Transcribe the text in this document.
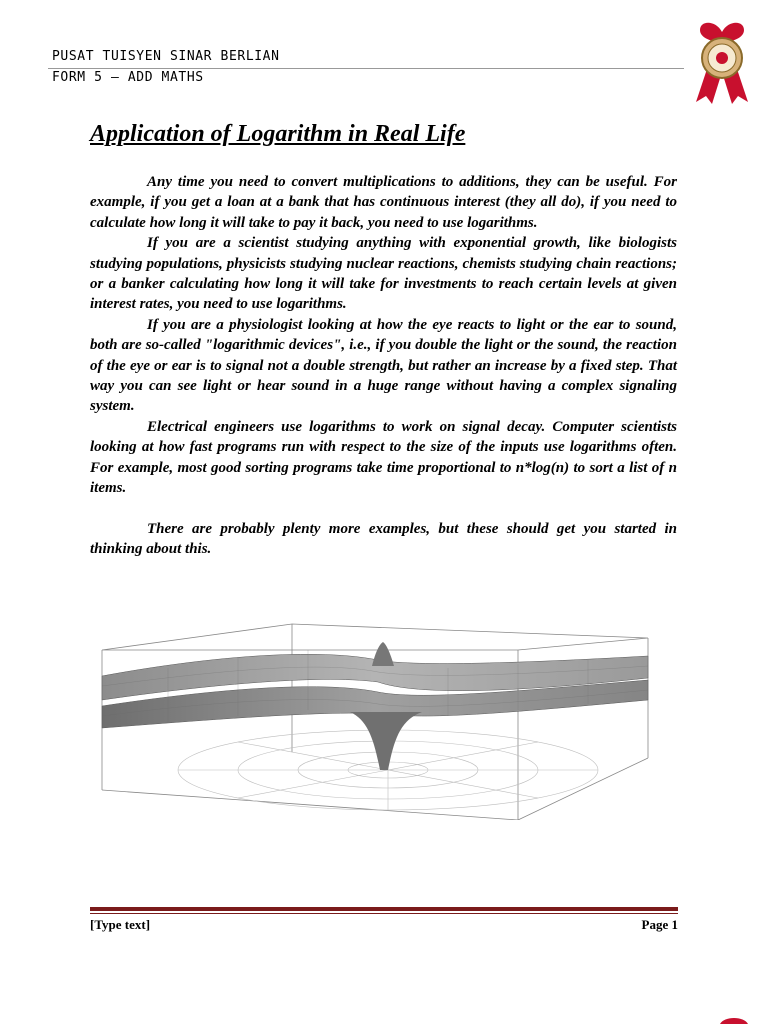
PUSAT TUISYEN SINAR BERLIAN
FORM 5 – ADD MATHS
Application of Logarithm in Real Life

Any time you need to convert multiplications to additions, they can be useful. For example, if you get a loan at a bank that has continuous interest (they all do), if you need to calculate how long it will take to pay it back, you need to use logarithms.

If you are a scientist studying anything with exponential growth, like biologists studying populations, physicists studying nuclear reactions, chemists studying chain reactions; or a banker calculating how long it will take for investments to reach certain levels at given interest rates, you need to use logarithms.

If you are a physiologist looking at how the eye reacts to light or the ear to sound, both are so-called "logarithmic devices", i.e., if you double the light or the sound, the reaction of the eye or ear is to signal not a double strength, but rather an increase by a fixed step. That way you can see light or hear sound in a huge range without having a complex signaling system.

Electrical engineers use logarithms to work on signal decay. Computer scientists looking at how fast programs run with respect to the size of the inputs use logarithms often. For example, most good sorting programs take time proportional to n*log(n) to sort a list of n items.

There are probably plenty more examples, but these should get you started in thinking about this.

[Type text]	Page 1
